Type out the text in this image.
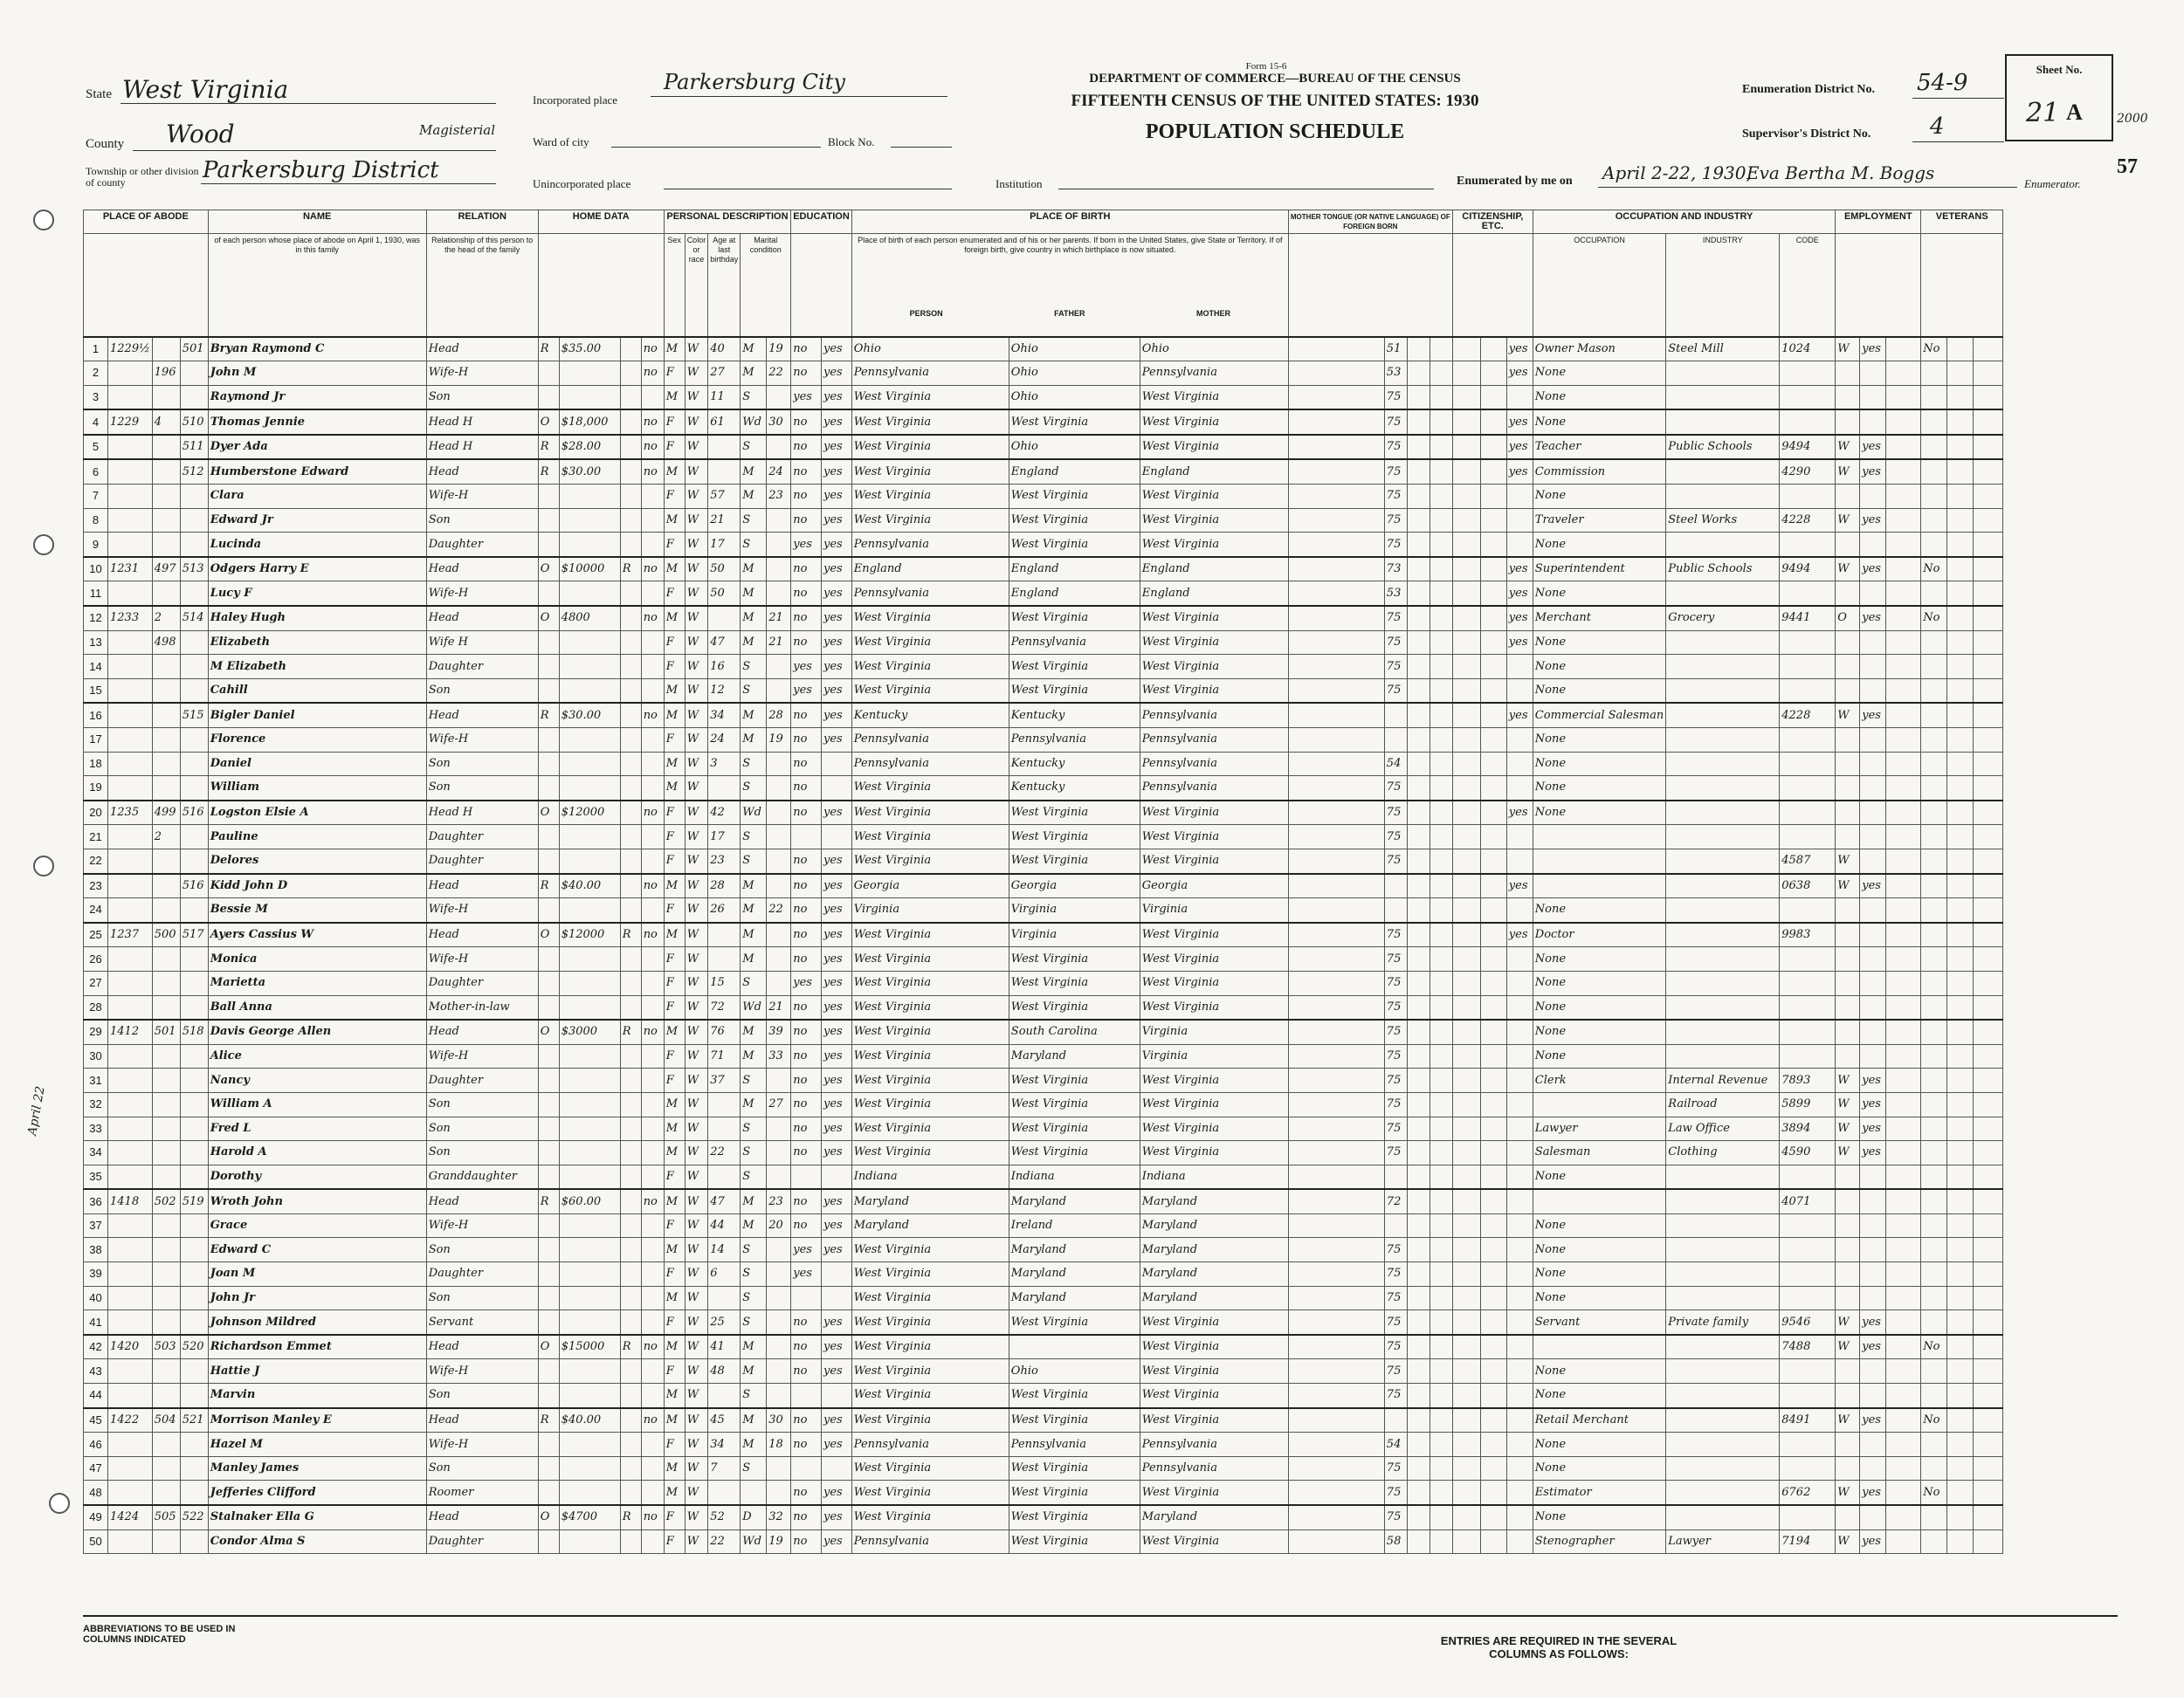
April 22
State West Virginia
County Wood	Magisterial
Township or other division of county	Parkersburg District
Incorporated place
Parkersburg City
Ward of city	Block No.
Unincorporated place	Institution
Form 15-6
DEPARTMENT OF COMMERCE—BUREAU OF THE CENSUS
FIFTEENTH CENSUS OF THE UNITED STATES: 1930
POPULATION SCHEDULE
Enumeration District No. 54-9
Supervisor's District No.	4
Enumerated by me on April 2-22, 1930,
Eva Bertha M. Boggs
Enumerator.
Sheet No.
21 A	2000
57
PLACE OF ABODE				NAME	RELATION	HOME DATA				PERSONAL DESCRIPTION					EDUCATION		PLACE OF BIRTH			MOTHER TONGUE (OR NATIVE LANGUAGE) OF FOREIGN BORN				CITIZENSHIP, ETC.			OCCUPATION AND INDUSTRY			EMPLOYMENT			VETERANS		
				of each person whose place of abode on April 1, 1930, was in this family	Relationship of this person to the head of the family					Sex	Color or race	Age at last birthday	Marital condition				Place of birth of each person enumerated and of his or her parents. If born in the United States, give State or Territory. If of foreign birth, give country in which birthplace is now situated.
PERSON FATHER MOTHER										OCCUPATION	INDUSTRY	CODE						
1	1229½		501	Bryan Raymond C	Head	R	$35.00		no	M	W	40	M	19	no	yes	Ohio	Ohio	Ohio		51					yes	Owner Mason	Steel Mill	1024	W	yes		No		
2		196		John M	Wife-H				no	F	W	27	M	22	no	yes	Pennsylvania	Ohio	Pennsylvania		53					yes	None								
3				Raymond Jr	Son					M	W	11	S		yes	yes	West Virginia	Ohio	West Virginia		75						None								
4	1229	4	510	Thomas Jennie	Head H	O	$18,000		no	F	W	61	Wd	30	no	yes	West Virginia	West Virginia	West Virginia		75					yes	None								
5			511	Dyer Ada	Head H	R	$28.00		no	F	W		S		no	yes	West Virginia	Ohio	West Virginia		75					yes	Teacher	Public Schools	9494	W	yes				
6			512	Humberstone Edward	Head	R	$30.00		no	M	W		M	24	no	yes	West Virginia	England	England		75					yes	Commission		4290	W	yes				
7				Clara	Wife-H					F	W	57	M	23	no	yes	West Virginia	West Virginia	West Virginia		75						None								
8				Edward Jr	Son					M	W	21	S		no	yes	West Virginia	West Virginia	West Virginia		75						Traveler	Steel Works	4228	W	yes				
9				Lucinda	Daughter					F	W	17	S		yes	yes	Pennsylvania	West Virginia	West Virginia		75						None								
10	1231	497	513	Odgers Harry E	Head	O	$10000	R	no	M	W	50	M		no	yes	England	England	England		73					yes	Superintendent	Public Schools	9494	W	yes		No		
11				Lucy F	Wife-H					F	W	50	M		no	yes	Pennsylvania	England	England		53					yes	None								
12	1233	2	514	Haley Hugh	Head	O	4800		no	M	W		M	21	no	yes	West Virginia	West Virginia	West Virginia		75					yes	Merchant	Grocery	9441	O	yes		No		
13		498		Elizabeth	Wife H					F	W	47	M	21	no	yes	West Virginia	Pennsylvania	West Virginia		75					yes	None								
14				M Elizabeth	Daughter					F	W	16	S		yes	yes	West Virginia	West Virginia	West Virginia		75						None								
15				Cahill	Son					M	W	12	S		yes	yes	West Virginia	West Virginia	West Virginia		75						None								
16			515	Bigler Daniel	Head	R	$30.00		no	M	W	34	M	28	no	yes	Kentucky	Kentucky	Pennsylvania							yes	Commercial Salesman		4228	W	yes				
17				Florence	Wife-H					F	W	24	M	19	no	yes	Pennsylvania	Pennsylvania	Pennsylvania								None								
18				Daniel	Son					M	W	3	S		no		Pennsylvania	Kentucky	Pennsylvania		54						None								
19				William	Son					M	W		S		no		West Virginia	Kentucky	Pennsylvania		75						None								
20	1235	499	516	Logston Elsie A	Head H	O	$12000		no	F	W	42	Wd		no	yes	West Virginia	West Virginia	West Virginia		75					yes	None								
21		2		Pauline	Daughter					F	W	17	S				West Virginia	West Virginia	West Virginia		75														
22				Delores	Daughter					F	W	23	S		no	yes	West Virginia	West Virginia	West Virginia		75								4587	W					
23			516	Kidd John D	Head	R	$40.00		no	M	W	28	M		no	yes	Georgia	Georgia	Georgia							yes			0638	W	yes				
24				Bessie M	Wife-H					F	W	26	M	22	no	yes	Virginia	Virginia	Virginia								None								
25	1237	500	517	Ayers Cassius W	Head	O	$12000	R	no	M	W		M		no	yes	West Virginia	Virginia	West Virginia		75					yes	Doctor		9983						
26				Monica	Wife-H					F	W		M		no	yes	West Virginia	West Virginia	West Virginia		75						None								
27				Marietta	Daughter					F	W	15	S		yes	yes	West Virginia	West Virginia	West Virginia		75						None								
28				Ball Anna	Mother-in-law					F	W	72	Wd	21	no	yes	West Virginia	West Virginia	West Virginia		75						None								
29	1412	501	518	Davis George Allen	Head	O	$3000	R	no	M	W	76	M	39	no	yes	West Virginia	South Carolina	Virginia		75						None								
30				Alice	Wife-H					F	W	71	M	33	no	yes	West Virginia	Maryland	Virginia		75						None								
31				Nancy	Daughter					F	W	37	S		no	yes	West Virginia	West Virginia	West Virginia		75						Clerk	Internal Revenue	7893	W	yes				
32				William A	Son					M	W		M	27	no	yes	West Virginia	West Virginia	West Virginia		75							Railroad	5899	W	yes				
33				Fred L	Son					M	W		S		no	yes	West Virginia	West Virginia	West Virginia		75						Lawyer	Law Office	3894	W	yes				
34				Harold A	Son					M	W	22	S		no	yes	West Virginia	West Virginia	West Virginia		75						Salesman	Clothing	4590	W	yes				
35				Dorothy	Granddaughter					F	W		S				Indiana	Indiana	Indiana								None								
36	1418	502	519	Wroth John	Head	R	$60.00		no	M	W	47	M	23	no	yes	Maryland	Maryland	Maryland		72								4071						
37				Grace	Wife-H					F	W	44	M	20	no	yes	Maryland	Ireland	Maryland								None								
38				Edward C	Son					M	W	14	S		yes	yes	West Virginia	Maryland	Maryland		75						None								
39				Joan M	Daughter					F	W	6	S		yes		West Virginia	Maryland	Maryland		75						None								
40				John Jr	Son					M	W		S				West Virginia	Maryland	Maryland		75						None								
41				Johnson Mildred	Servant					F	W	25	S		no	yes	West Virginia	West Virginia	West Virginia		75						Servant	Private family	9546	W	yes				
42	1420	503	520	Richardson Emmet	Head	O	$15000	R	no	M	W	41	M		no	yes	West Virginia		West Virginia		75								7488	W	yes		No		
43				Hattie J	Wife-H					F	W	48	M		no	yes	West Virginia	Ohio	West Virginia		75						None								
44				Marvin	Son					M	W		S				West Virginia	West Virginia	West Virginia		75						None								
45	1422	504	521	Morrison Manley E	Head	R	$40.00		no	M	W	45	M	30	no	yes	West Virginia	West Virginia	West Virginia								Retail Merchant		8491	W	yes		No		
46				Hazel M	Wife-H					F	W	34	M	18	no	yes	Pennsylvania	Pennsylvania	Pennsylvania		54						None								
47				Manley James	Son					M	W	7	S				West Virginia	West Virginia	Pennsylvania		75						None								
48				Jefferies Clifford	Roomer					M	W				no	yes	West Virginia	West Virginia	West Virginia		75						Estimator		6762	W	yes		No		
49	1424	505	522	Stalnaker Ella G	Head	O	$4700	R	no	F	W	52	D	32	no	yes	West Virginia	West Virginia	Maryland		75						None								
50				Condor Alma S	Daughter					F	W	22	Wd	19	no	yes	Pennsylvania	West Virginia	West Virginia		58						Stenographer	Lawyer	7194	W	yes				
ABBREVIATIONS TO BE USED IN COLUMNS INDICATED	ENTRIES ARE REQUIRED IN THE SEVERAL COLUMNS AS FOLLOWS:
